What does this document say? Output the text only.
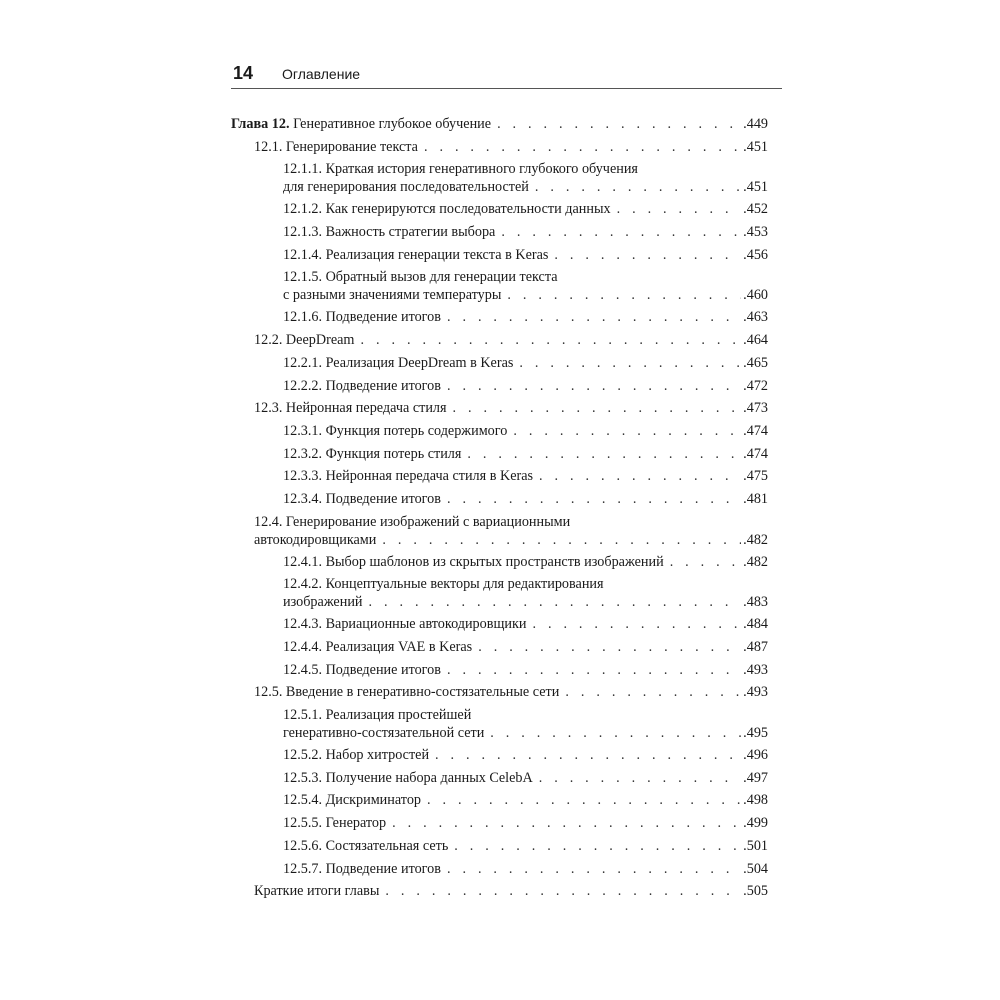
14 Оглавление
Глава 12. Генеративное глубокое обучение . . .	.449
12.1. Генерирование текста . . .	.451
12.1.1. Краткая история генеративного глубокого обучения
для генерирования последовательностей . . .	.451
12.1.2. Как генерируются последовательности данных . . .	.452
12.1.3. Важность стратегии выбора . . .	.453
12.1.4. Реализация генерации текста в Keras . . .	.456
12.1.5. Обратный вызов для генерации текста
с разными значениями температуры . . .	.460
12.1.6. Подведение итогов . . .	.463
12.2. DeepDream . . .	.464
12.2.1. Реализация DeepDream в Keras . . .	.465
12.2.2. Подведение итогов . . .	.472
12.3. Нейронная передача стиля . . .	.473
12.3.1. Функция потерь содержимого . . .	.474
12.3.2. Функция потерь стиля . . .	.474
12.3.3. Нейронная передача стиля в Keras . . .	.475
12.3.4. Подведение итогов . . .	.481
12.4. Генерирование изображений с вариационными
автокодировщиками . . .	.482
12.4.1. Выбор шаблонов из скрытых пространств изображений . . .	.482
12.4.2. Концептуальные векторы для редактирования
изображений . . .	.483
12.4.3. Вариационные автокодировщики . . .	.484
12.4.4. Реализация VAE в Keras . . .	.487
12.4.5. Подведение итогов . . .	.493
12.5. Введение в генеративно-состязательные сети . . .	.493
12.5.1. Реализация простейшей
генеративно-состязательной сети . . .	.495
12.5.2. Набор хитростей . . .	.496
12.5.3. Получение набора данных CelebA . . .	.497
12.5.4. Дискриминатор . . .	.498
12.5.5. Генератор . . .	.499
12.5.6. Состязательная сеть . . .	.501
12.5.7. Подведение итогов . . .	.504
Краткие итоги главы . . .	.505
